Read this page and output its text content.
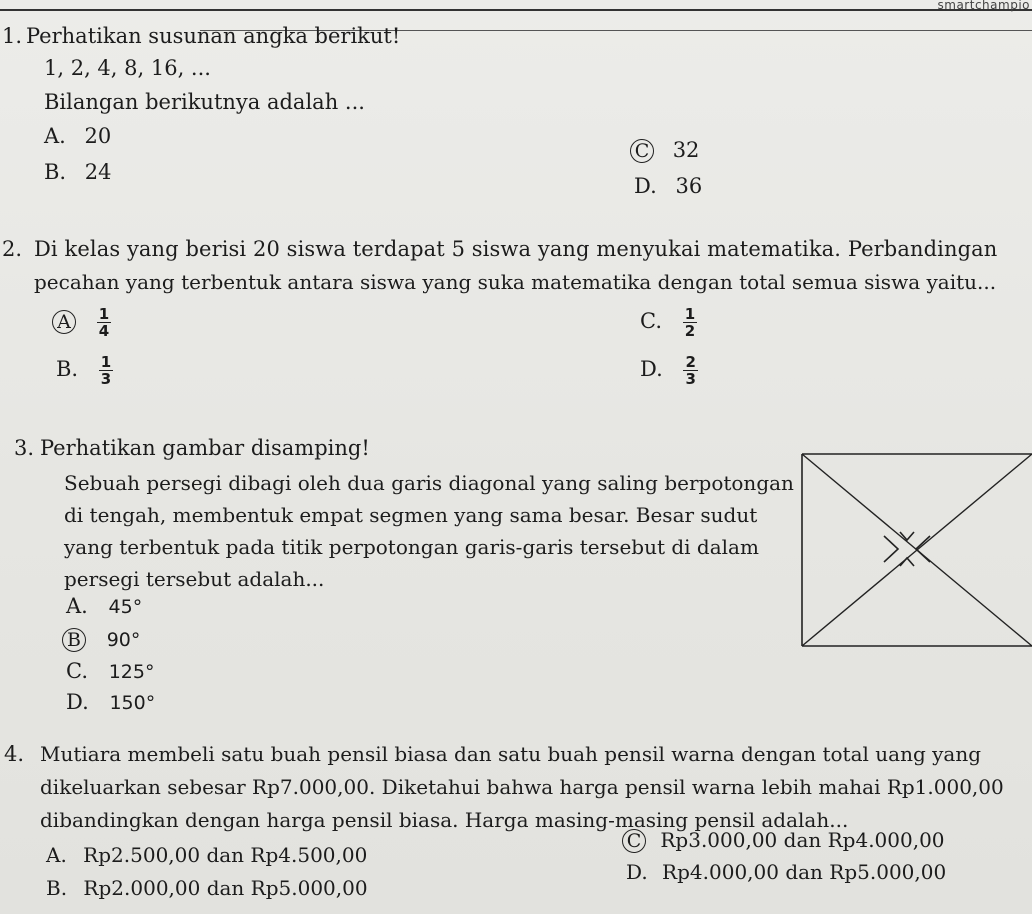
smartchampio
1. Perhatikan susunan angka berikut!
1, 2, 4, 8, 16, ...
Bilangan berikutnya adalah ...
A. 20
B. 24
C 32
D. 36
2. Di kelas yang berisi 20 siswa terdapat 5 siswa yang menyukai matematika. Perbandingan
pecahan yang terbentuk antara siswa yang suka matematika dengan total semua siswa yaitu...
A $\frac{1}{4}$
B. $\frac{1}{3}$
C. $\frac{1}{2}$
D. $\frac{2}{3}$
3. Perhatikan gambar disamping!
Sebuah persegi dibagi oleh dua garis diagonal yang saling berpotongan
di tengah, membentuk empat segmen yang sama besar. Besar sudut
yang terbentuk pada titik perpotongan garis-garis tersebut di dalam
persegi tersebut adalah...
A. 45°
B 90°
C. 125°
D. 150°
4. Mutiara membeli satu buah pensil biasa dan satu buah pensil warna dengan total uang yang
dikeluarkan sebesar Rp7.000,00. Diketahui bahwa harga pensil warna lebih mahai Rp1.000,00
dibandingkan dengan harga pensil biasa. Harga masing-masing pensil adalah...
A. Rp2.500,00 dan Rp4.500,00
B. Rp2.000,00 dan Rp5.000,00
C Rp3.000,00 dan Rp4.000,00
D. Rp4.000,00 dan Rp5.000,00
